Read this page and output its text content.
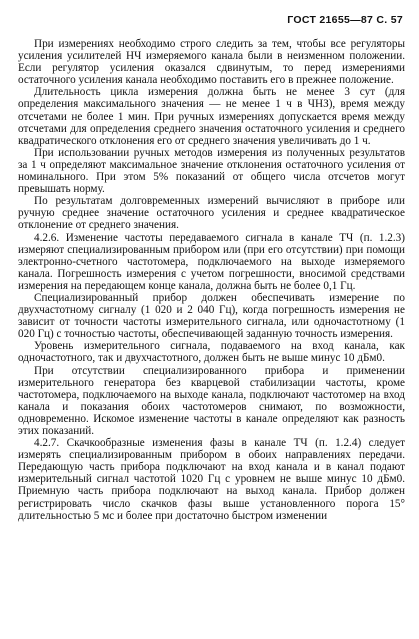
ГОСТ 21655—87 С. 57

При измерениях необходимо строго следить за тем, чтобы все регуляторы усиления усилителей НЧ измеряемого канала были в неизменном положении. Если регулятор усиления оказался сдвинутым, то перед измерениями остаточного усиления канала необходимо поставить его в прежнее положение.

Длительность цикла измерения должна быть не менее 3 сут (для определения максимального значения — не менее 1 ч в ЧНЗ), время между отсчетами не более 1 мин. При ручных измерениях допускается время между отсчетами для определения среднего значения остаточного усиления и среднего квадратического отклонения его от среднего значения увеличивать до 1 ч.

При использовании ручных методов измерения из полученных результатов за 1 ч определяют максимальное значение отклонения остаточного усиления от номинального. При этом 5% показаний от общего числа отсчетов могут превышать норму.

По результатам долговременных измерений вычисляют в приборе или ручную среднее значение остаточного усиления и среднее квадратическое отклонение от среднего значения.

4.2.6. Изменение частоты передаваемого сигнала в канале ТЧ (п. 1.2.3) измеряют специализированным прибором или (при его отсутствии) при помощи электронно-счетного частотомера, подключаемого на выходе измеряемого канала. Погрешность измерения с учетом погрешности, вносимой средствами измерения на передающем конце канала, должна быть не более 0,1 Гц.

Специализированный прибор должен обеспечивать измерение по двухчастотному сигналу (1 020 и 2 040 Гц), когда погрешность измерения не зависит от точности частоты измерительного сигнала, или одночастотному (1 020 Гц) с точностью частоты, обеспечивающей заданную точность измерения.

Уровень измерительного сигнала, подаваемого на вход канала, как одночастотного, так и двухчастотного, должен быть не выше минус 10 дБм0.

При отсутствии специализированного прибора и применении измерительного генератора без кварцевой стабилизации частоты, кроме частотомера, подключаемого на выходе канала, подключают частотомер на вход канала и показания обоих частотомеров снимают, по возможности, одновременно. Искомое изменение частоты в канале определяют как разность этих показаний.

4.2.7. Скачкообразные изменения фазы в канале ТЧ (п. 1.2.4) следует измерять специализированным прибором в обоих направлениях передачи. Передающую часть прибора подключают на вход канала и в канал подают измерительный сигнал частотой 1020 Гц с уровнем не выше минус 10 дБм0. Приемную часть прибора подключают на выход канала. Прибор должен регистрировать число скачков фазы выше установленного порога 15° длительностью 5 мс и более при достаточно быстром изменении
